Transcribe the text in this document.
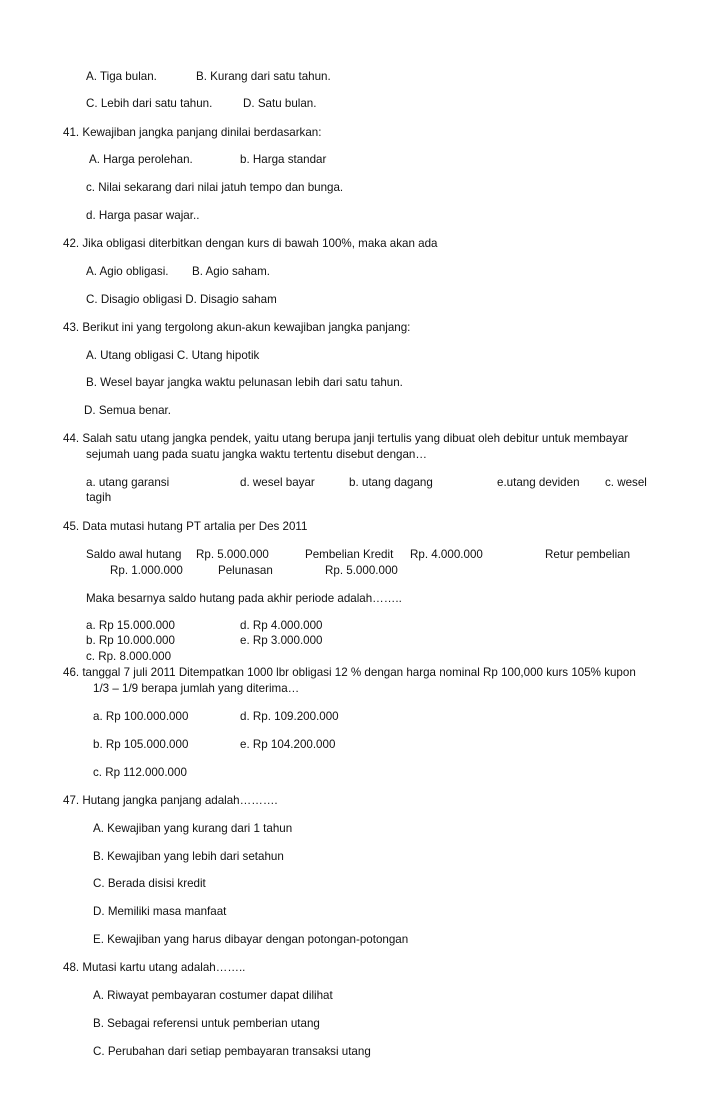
A. Tiga bulan.	B. Kurang dari satu tahun.
C. Lebih dari satu tahun.	D. Satu bulan.
41. Kewajiban jangka panjang dinilai berdasarkan:
A. Harga perolehan.	b. Harga standar
c. Nilai sekarang dari nilai jatuh tempo dan bunga.
d. Harga pasar wajar..
42. Jika obligasi diterbitkan dengan kurs di bawah 100%, maka akan ada
A. Agio obligasi. B. Agio saham.
C. Disagio obligasi D. Disagio saham
43. Berikut ini yang tergolong akun-akun kewajiban jangka panjang:
A. Utang obligasi C. Utang hipotik
B. Wesel bayar jangka waktu pelunasan lebih dari satu tahun.
D. Semua benar.
44. Salah satu utang jangka pendek, yaitu utang berupa janji tertulis yang dibuat oleh debitur untuk membayar
sejumah uang pada suatu jangka waktu tertentu disebut dengan…
a. utang garansi	d. wesel bayar	b. utang dagang	e.utang deviden c. wesel
tagih
45. Data mutasi hutang PT artalia per Des 2011
Saldo awal hutang Rp. 5.000.000	Pembelian Kredit Rp. 4.000.000	Retur pembelian
Rp. 1.000.000	Pelunasan	Rp. 5.000.000
Maka besarnya saldo hutang pada akhir periode adalah……..
a. Rp 15.000.000	d. Rp 4.000.000
b. Rp 10.000.000	e. Rp 3.000.000
c. Rp. 8.000.000
46. tanggal 7 juli 2011 Ditempatkan 1000 lbr obligasi 12 % dengan harga nominal Rp 100,000 kurs 105% kupon
1/3 – 1/9 berapa jumlah yang diterima…
a. Rp 100.000.000	d. Rp. 109.200.000
b. Rp 105.000.000	e. Rp 104.200.000
c. Rp 112.000.000
47. Hutang jangka panjang adalah……….
A. Kewajiban yang kurang dari 1 tahun
B. Kewajiban yang lebih dari setahun
C. Berada disisi kredit
D. Memiliki masa manfaat
E. Kewajiban yang harus dibayar dengan potongan-potongan
48. Mutasi kartu utang adalah……..
A. Riwayat pembayaran costumer dapat dilihat
B. Sebagai referensi untuk pemberian utang
C. Perubahan dari setiap pembayaran transaksi utang
